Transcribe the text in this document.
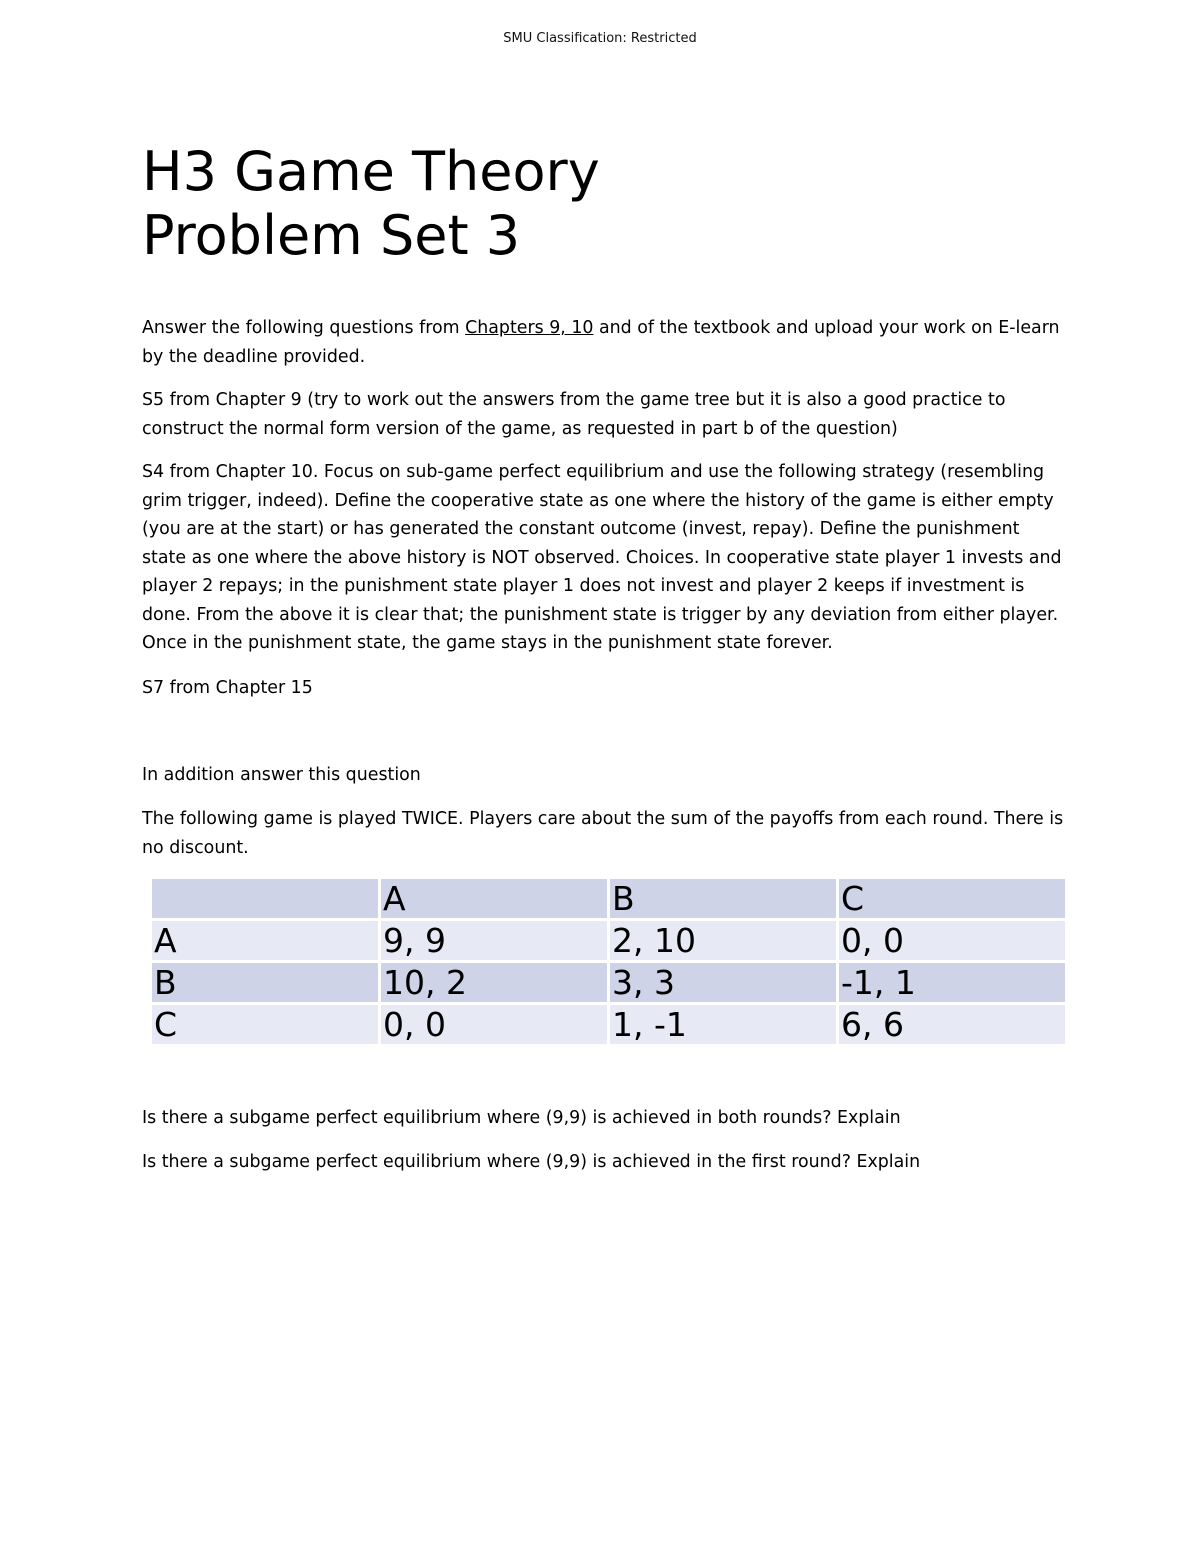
SMU Classification: Restricted
H3 Game Theory
Problem Set 3

Answer the following questions from Chapters 9, 10 and of the textbook and upload your work on E-learn by the deadline provided.

S5 from Chapter 9 (try to work out the answers from the game tree but it is also a good practice to construct the normal form version of the game, as requested in part b of the question)

S4 from Chapter 10. Focus on sub-game perfect equilibrium and use the following strategy (resembling grim trigger, indeed). Define the cooperative state as one where the history of the game is either empty (you are at the start) or has generated the constant outcome (invest, repay). Define the punishment state as one where the above history is NOT observed. Choices. In cooperative state player 1 invests and player 2 repays; in the punishment state player 1 does not invest and player 2 keeps if investment is done. From the above it is clear that; the punishment state is trigger by any deviation from either player. Once in the punishment state, the game stays in the punishment state forever.

S7 from Chapter 15

In addition answer this question

The following game is played TWICE. Players care about the sum of the payoffs from each round. There is no discount.

	A	B	C
A	9, 9	2, 10	0, 0
B	10, 2	3, 3	-1, 1
C	0, 0	1, -1	6, 6

Is there a subgame perfect equilibrium where (9,9) is achieved in both rounds? Explain

Is there a subgame perfect equilibrium where (9,9) is achieved in the first round? Explain
